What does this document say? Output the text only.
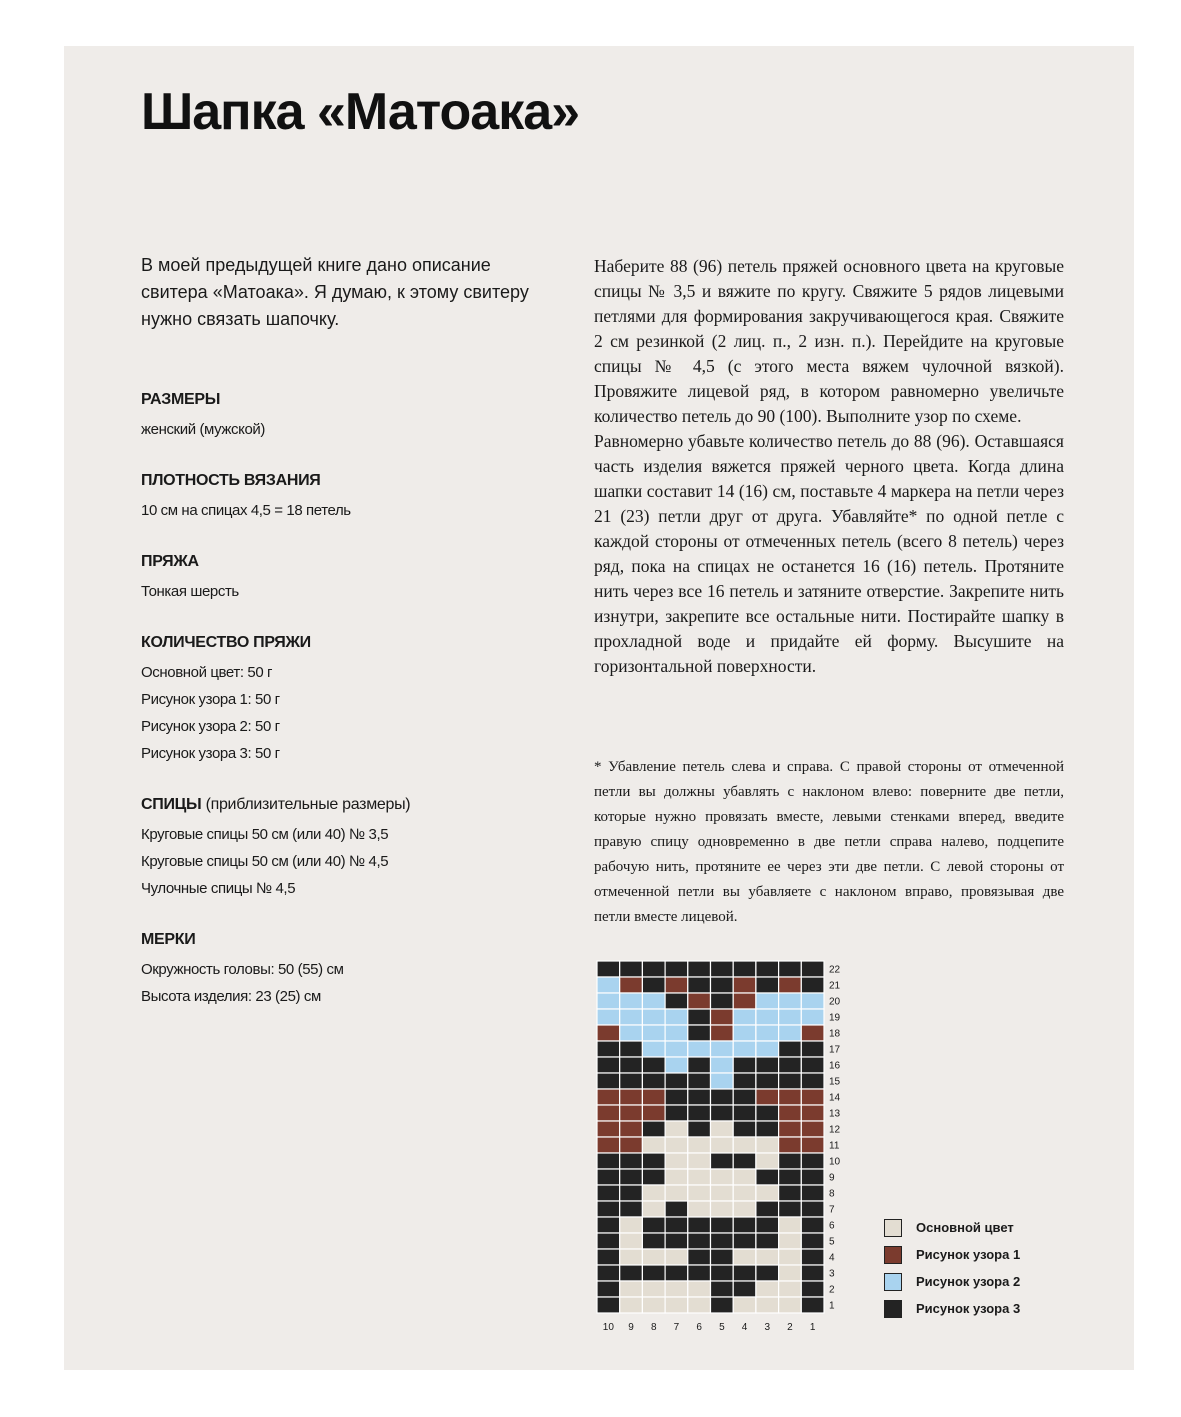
Шапка «Матоака»

В моей предыдущей книге дано описание свитера «Матоака». Я думаю, к этому свитеру нужно связать шапочку.

РАЗМЕРЫ
женский (мужской)
ПЛОТНОСТЬ ВЯЗАНИЯ
10 см на спицах 4,5 = 18 петель
ПРЯЖА
Тонкая шерсть
КОЛИЧЕСТВО ПРЯЖИ
Основной цвет: 50 г
Рисунок узора 1: 50 г
Рисунок узора 2: 50 г
Рисунок узора 3: 50 г
СПИЦЫ (приблизительные размеры)
Круговые спицы 50 см (или 40) № 3,5
Круговые спицы 50 см (или 40) № 4,5
Чулочные спицы № 4,5
МЕРКИ
Окружность головы: 50 (55) см
Высота изделия: 23 (25) см

Наберите 88 (96) петель пряжей основного цвета на круговые спицы № 3,5 и вяжите по кругу. Свяжите 5 рядов лицевыми петлями для формирования закручивающегося края. Свяжите 2 см резинкой (2 лиц. п., 2 изн. п.). Перейдите на круговые спицы № 4,5 (с этого места вяжем чулочной вязкой). Провяжите лицевой ряд, в котором равномерно увеличьте количество петель до 90 (100). Выполните узор по схеме.

Равномерно убавьте количество петель до 88 (96). Оставшаяся часть изделия вяжется пряжей черного цвета. Когда длина шапки составит 14 (16) см, поставьте 4 маркера на петли через 21 (23) петли друг от друга. Убавляйте* по одной петле с каждой стороны от отмеченных петель (всего 8 петель) через ряд, пока на спицах не останется 16 (16) петель. Протяните нить через все 16 петель и затяните отверстие. Закрепите нить изнутри, закрепите все остальные нити. Постирайте шапку в прохладной воде и придайте ей форму. Высушите на горизонтальной поверхности.

* Убавление петель слева и справа. С правой стороны от отмеченной петли вы должны убавлять с наклоном влево: поверните две петли, которые нужно провязать вместе, левыми стенками вперед, введите правую спицу одновременно в две петли справа налево, подцепите рабочую нить, протяните ее через эти две петли. С левой стороны от отмеченной петли вы убавляете с наклоном вправо, провязывая две петли вместе лицевой.

22
21
20
19
18
17
16
15
14
13
12
11
10
9
8
7
6
5
4
3
2
1
10 9 8 7 6 5 4 3 2 1
Основной цвет
Рисунок узора 1
Рисунок узора 2
Рисунок узора 3
